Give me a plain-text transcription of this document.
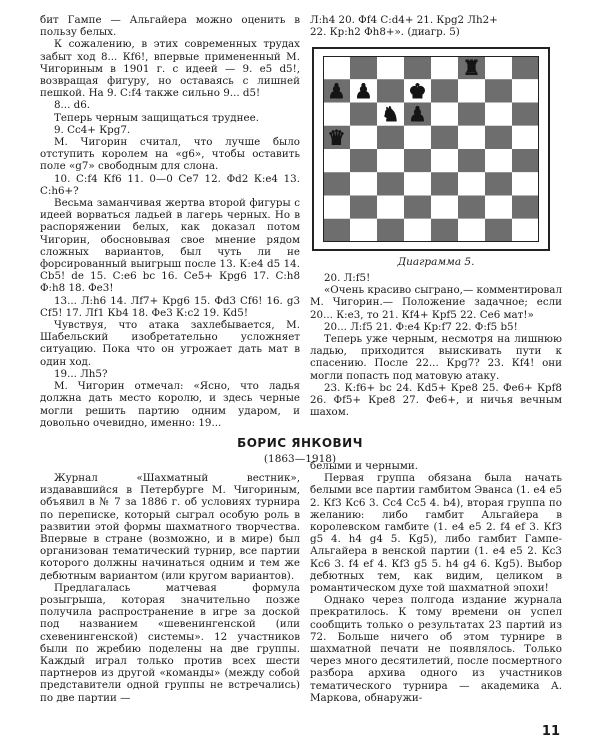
бит Гампе — Альгайера можно оценить в пользу белых.

К сожалению, в этих современных трудах забыт ход 8... Кf6!, впервые примененный М. Чигориным в 1901 г. с идеей — 9. e5 d5!, возвращая фигуру, но оставаясь с лишней пешкой. На 9. С:f4 также сильно 9... d5!

8... d6.

Теперь черным защищаться труднее.

9. Сс4+ Крg7.

М. Чигорин считал, что лучше было отступить королем на «g6», чтобы оставить поле «g7» свободным для слона.

10. С:f4 Кf6 11. 0—0 Се7 12. Фd2 К:е4 13. С:h6+?

Весьма заманчивая жертва второй фигуры с идеей ворваться ладьей в лагерь черных. Но в распоряжении белых, как доказал потом Чигорин, обосновывая свое мнение рядом сложных вариантов, был чуть ли не форсированный выигрыш после 13. К:е4 d5 14. Сb5! de 15. С:е6 bс 16. Се5+ Крg6 17. С:h8 Ф:h8 18. Фе3!

13... Л:h6 14. Лf7+ Крg6 15. Фd3 Сf6! 16. g3 Сf5! 17. Лf1 Кb4 18. Фе3 К:с2 19. Кd5!

Чувствуя, что атака захлебывается, М. Шабельский изобретательно усложняет ситуацию. Пока что он угрожает дать мат в один ход.

19... Лh5?

М. Чигорин отмечал: «Ясно, что ладья должна дать место королю, и здесь черные могли решить партию одним ударом, и довольно очевидно, именно: 19...

Л:h4 20. Фf4 С:d4+ 21. Крg2 Лh2+

22. Кр:h2 Фh8+». (диагр. 5)

♜
♟ ♟ ♚
♞ ♟
♛
Диаграмма 5.

20. Л:f5!

«Очень красиво сыграно,— комментировал М. Чигорин.— Положение задачное; если 20... К:е3, то 21. Кf4+ Крf5 22. Се6 мат!»

20... Л:f5 21. Ф:е4 Кр:f7 22. Ф:f5 b5!

Теперь уже черным, несмотря на лишнюю ладью, приходится выискивать пути к спасению. После 22... Крg7? 23. Кf4! они могли попасть под матовую атаку.

23. К:f6+ bс 24. Кd5+ Кре8 25. Фе6+ Крf8 26. Фf5+ Кре8 27. Фе6+, и ничья вечным шахом.

БОРИС ЯНКОВИЧ
(1863—1918)

Журнал «Шахматный вестник», издававшийся в Петербурге М. Чигориным, объявил в № 7 за 1886 г. об условиях турнира по переписке, который сыграл особую роль в развитии этой формы шахматного творчества. Впервые в стране (возможно, и в мире) был организован тематический турнир, все партии которого должны начинаться одним и тем же дебютным вариантом (или кругом вариантов).

Предлагалась матчевая формула розыгрыша, которая значительно позже получила распространение в игре за доской под названием «шевенингенской (или схевенингенской) системы». 12 участников были по жребию поделены на две группы. Каждый играл только против всех шести партнеров из другой «команды» (между собой представители одной группы не встречались) по две партии —

белыми и черными.

Первая группа обязана была начать белыми все партии гамбитом Эванса (1. е4 е5 2. Кf3 Кс6 3. Сс4 Сс5 4. b4), вторая группа по желанию: либо гамбит Альгайера в королевском гамбите (1. е4 е5 2. f4 ef 3. Кf3 g5 4. h4 g4 5. Кg5), либо гамбит Гампе-Альгайера в венской партии (1. е4 е5 2. Кс3 Кс6 3. f4 ef 4. Кf3 g5 5. h4 g4 6. Кg5). Выбор дебютных тем, как видим, целиком в романтическом духе той шахматной эпохи!

Однако через полгода издание журнала прекратилось. К тому времени он успел сообщить только о результатах 23 партий из 72. Больше ничего об этом турнире в шахматной печати не появлялось. Только через много десятилетий, после посмертного разбора архива одного из участников тематического турнира — академика А. Маркова, обнаружи-

11
